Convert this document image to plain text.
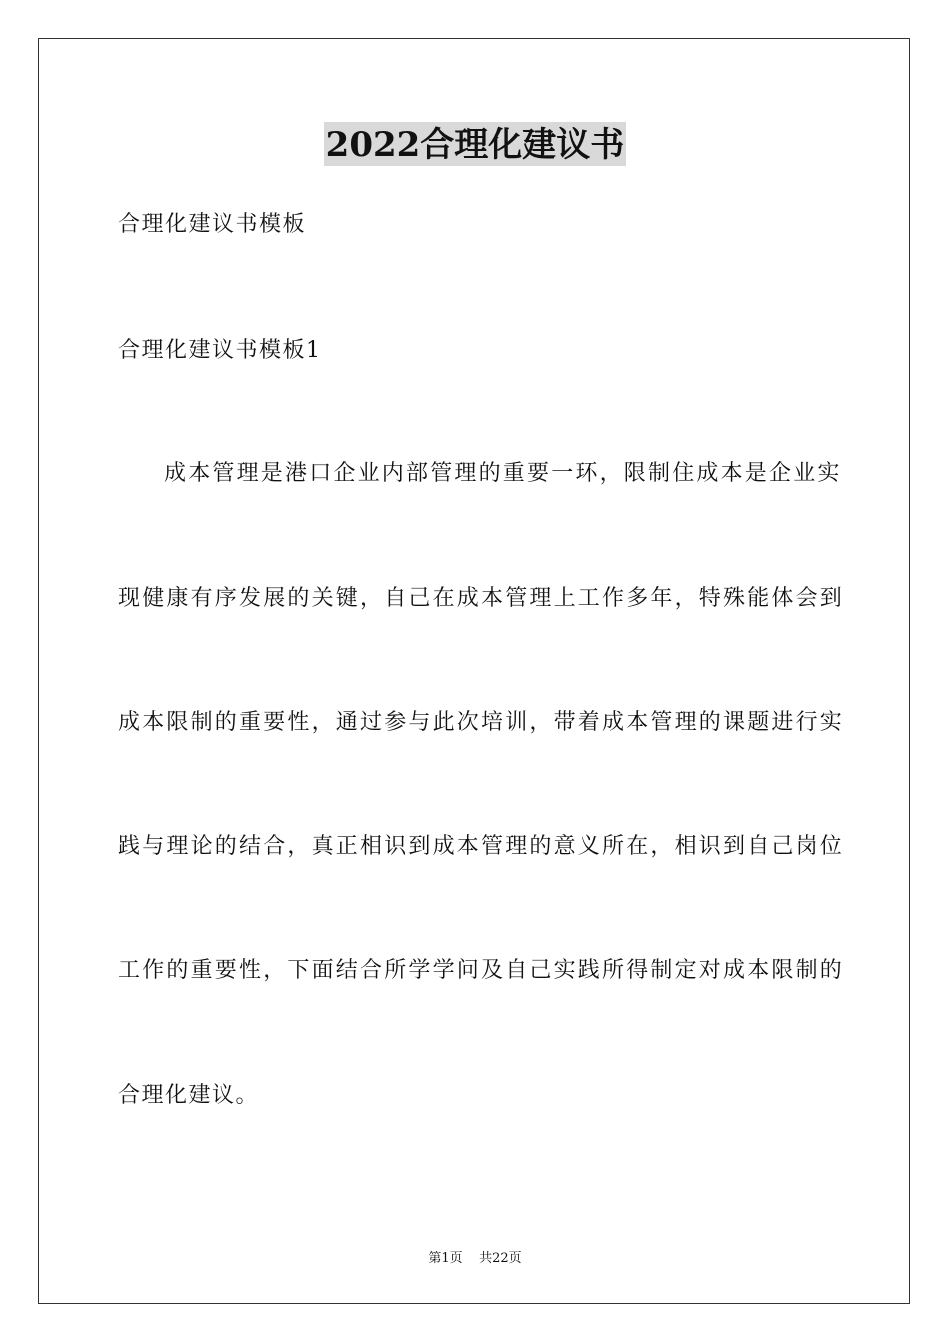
2022合理化建议书
合理化建议书模板
合理化建议书模板1
成本管理是港口企业内部管理的重要一环，限制住成本是企业实
现健康有序发展的关键，自己在成本管理上工作多年，特殊能体会到
成本限制的重要性，通过参与此次培训，带着成本管理的课题进行实
践与理论的结合，真正相识到成本管理的意义所在，相识到自己岗位
工作的重要性，下面结合所学学问及自己实践所得制定对成本限制的
合理化建议。
第1页 共22页
